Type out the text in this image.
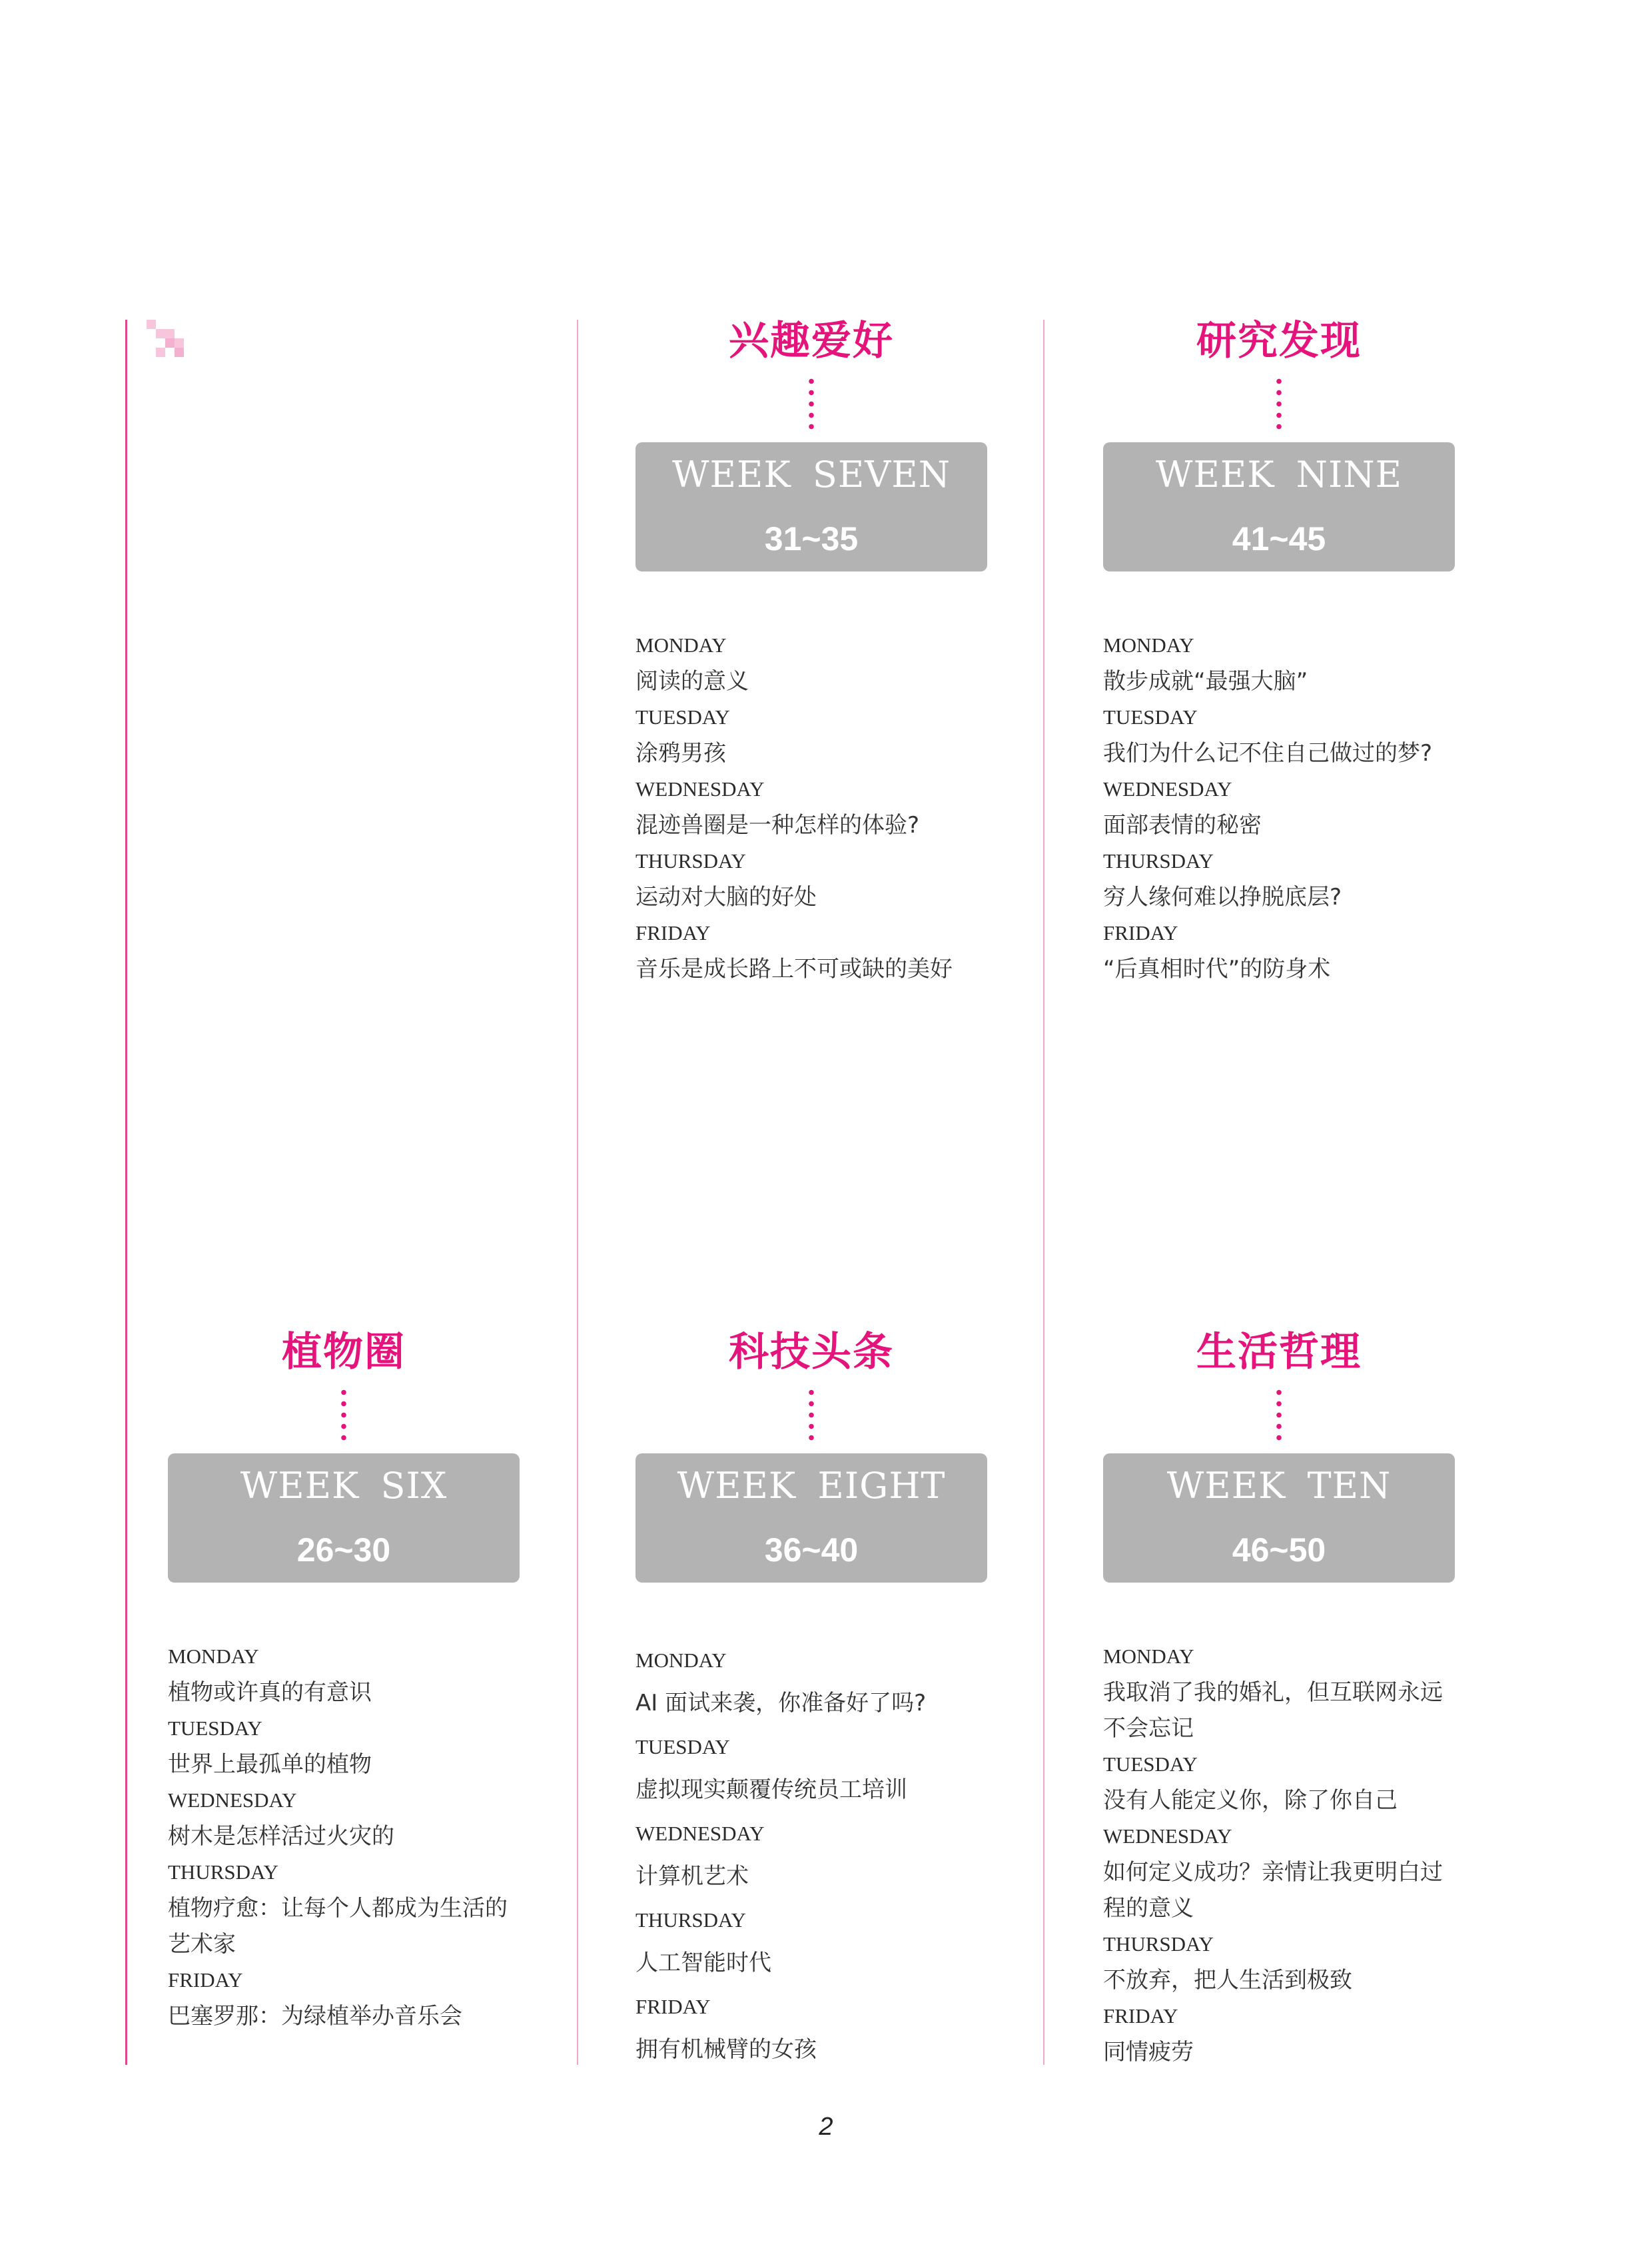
兴趣爱好
WEEK SEVEN
31~35
MONDAY
阅读的意义
TUESDAY
涂鸦男孩
WEDNESDAY
混迹兽圈是一种怎样的体验?
THURSDAY
运动对大脑的好处
FRIDAY
音乐是成长路上不可或缺的美好
研究发现
WEEK NINE
41~45
MONDAY
散步成就“最强大脑”
TUESDAY
我们为什么记不住自己做过的梦?
WEDNESDAY
面部表情的秘密
THURSDAY
穷人缘何难以挣脱底层?
FRIDAY
“后真相时代”的防身术
植物圈
WEEK SIX
26~30
MONDAY
植物或许真的有意识
TUESDAY
世界上最孤单的植物
WEDNESDAY
树木是怎样活过火灾的
THURSDAY
植物疗愈：让每个人都成为生活的艺术家
FRIDAY
巴塞罗那：为绿植举办音乐会
科技头条
WEEK EIGHT
36~40
MONDAY
AI 面试来袭，你准备好了吗?
TUESDAY
虚拟现实颠覆传统员工培训
WEDNESDAY
计算机艺术
THURSDAY
人工智能时代
FRIDAY
拥有机械臂的女孩
生活哲理
WEEK TEN
46~50
MONDAY
我取消了我的婚礼，但互联网永远不会忘记
TUESDAY
没有人能定义你，除了你自己
WEDNESDAY
如何定义成功？亲情让我更明白过程的意义
THURSDAY
不放弃，把人生活到极致
FRIDAY
同情疲劳
2
